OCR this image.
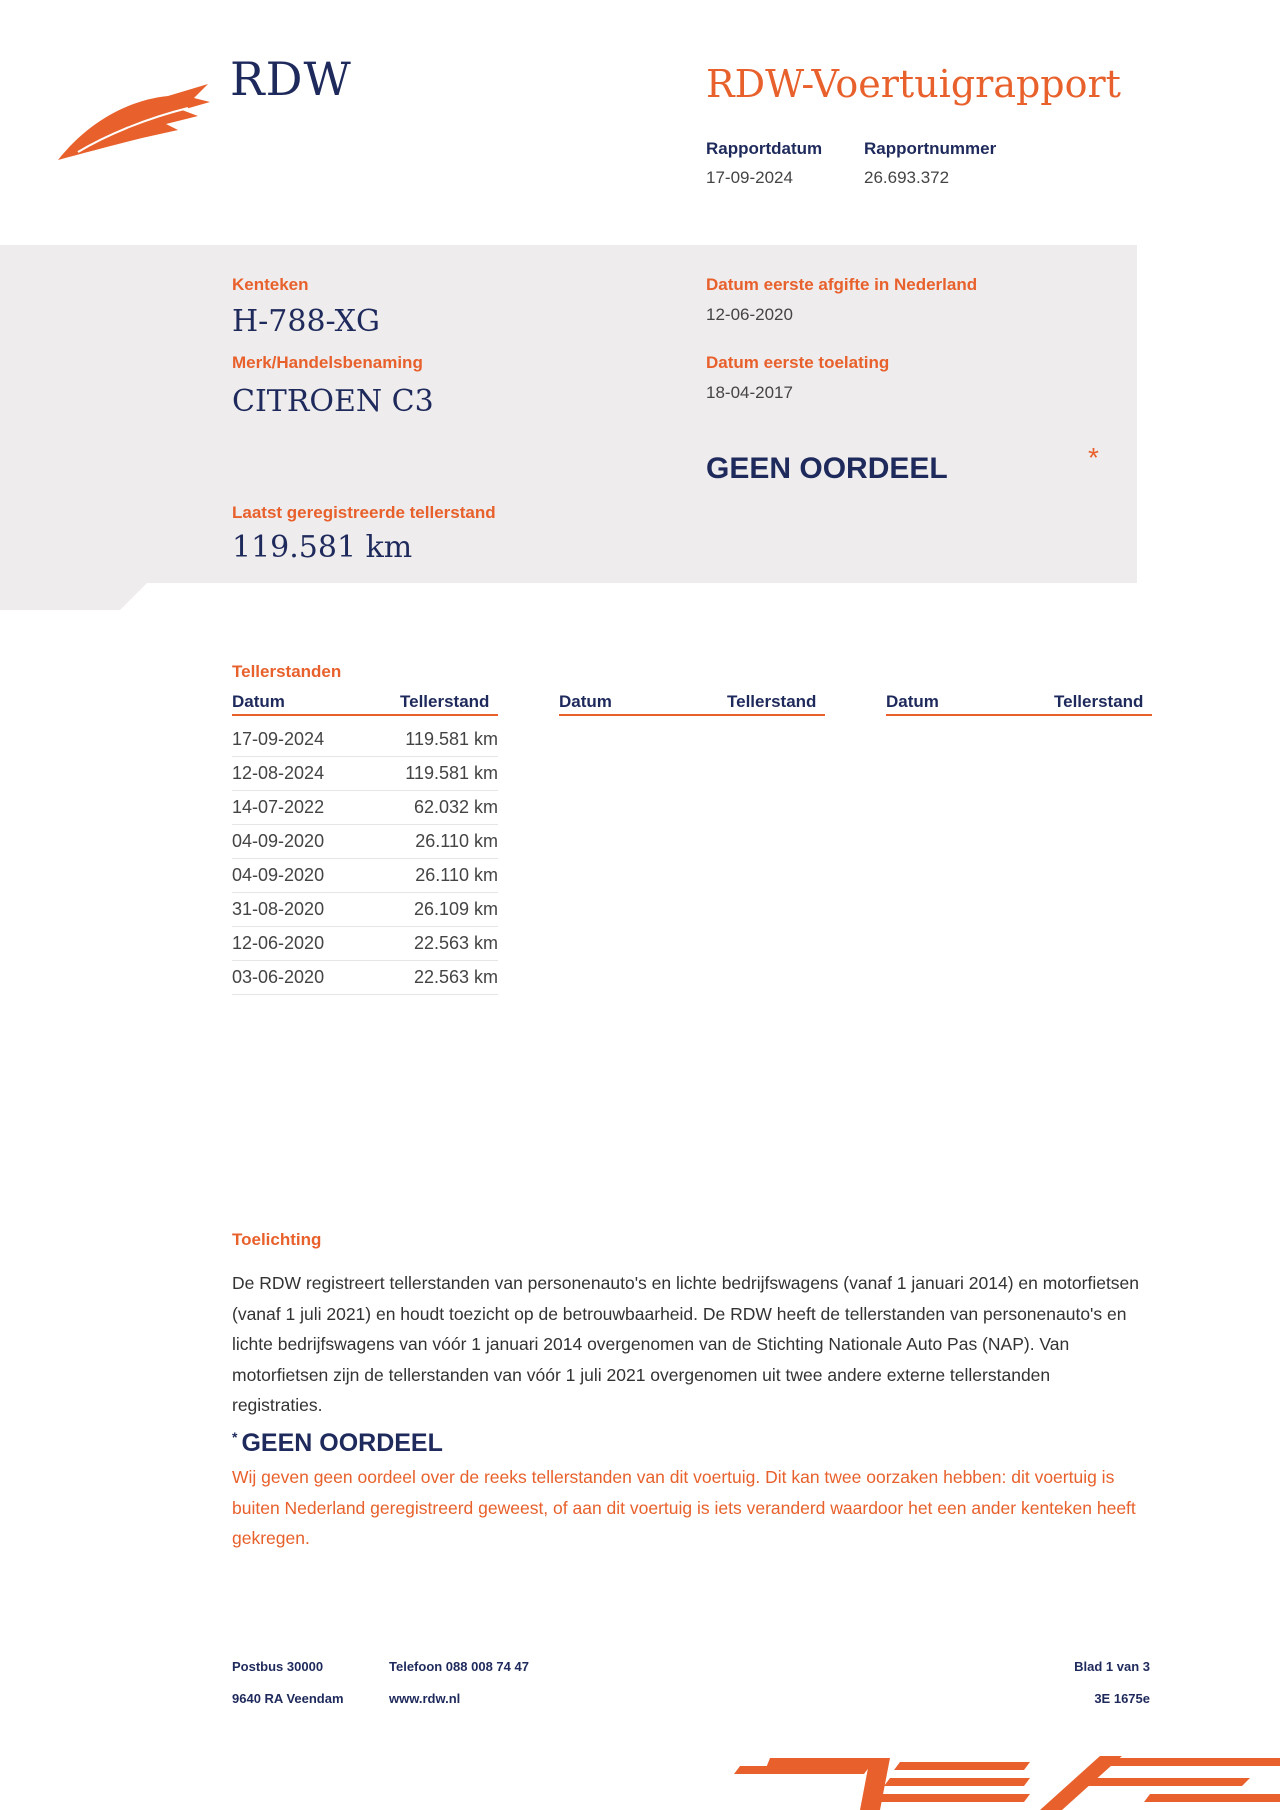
RDW	RDW-Voertuigrapport
Rapportdatum
17-09-2024
Rapportnummer
26.693.372
Kenteken
H-788-XG
Merk/Handelsbenaming
CITROEN C3
Datum eerste afgifte in Nederland
12-06-2020
Datum eerste toelating
18-04-2017
GEEN OORDEEL	*
Laatst geregistreerde tellerstand
119.581 km
Tellerstanden
Datum	Tellerstand	Datum	Tellerstand	Datum	Tellerstand
17-09-2024	119.581 km
12-08-2024	119.581 km
14-07-2022	62.032 km
04-09-2020	26.110 km
04-09-2020	26.110 km
31-08-2020	26.109 km
12-06-2020	22.563 km
03-06-2020	22.563 km
Toelichting
De RDW registreert tellerstanden van personenauto's en lichte bedrijfswagens (vanaf 1 januari 2014) en motorfietsen (vanaf 1 juli 2021) en houdt toezicht op de betrouwbaarheid. De RDW heeft de tellerstanden van personenauto's en lichte bedrijfswagens van vóór 1 januari 2014 overgenomen van de Stichting Nationale Auto Pas (NAP). Van motorfietsen zijn de tellerstanden van vóór 1 juli 2021 overgenomen uit twee andere externe tellerstanden registraties.
* GEEN OORDEEL
Wij geven geen oordeel over de reeks tellerstanden van dit voertuig. Dit kan twee oorzaken hebben: dit voertuig is buiten Nederland geregistreerd geweest, of aan dit voertuig is iets veranderd waardoor het een ander kenteken heeft gekregen.
Postbus 30000
9640 RA Veendam
Telefoon 088 008 74 47
www.rdw.nl
Blad 1 van 3
3E 1675e
